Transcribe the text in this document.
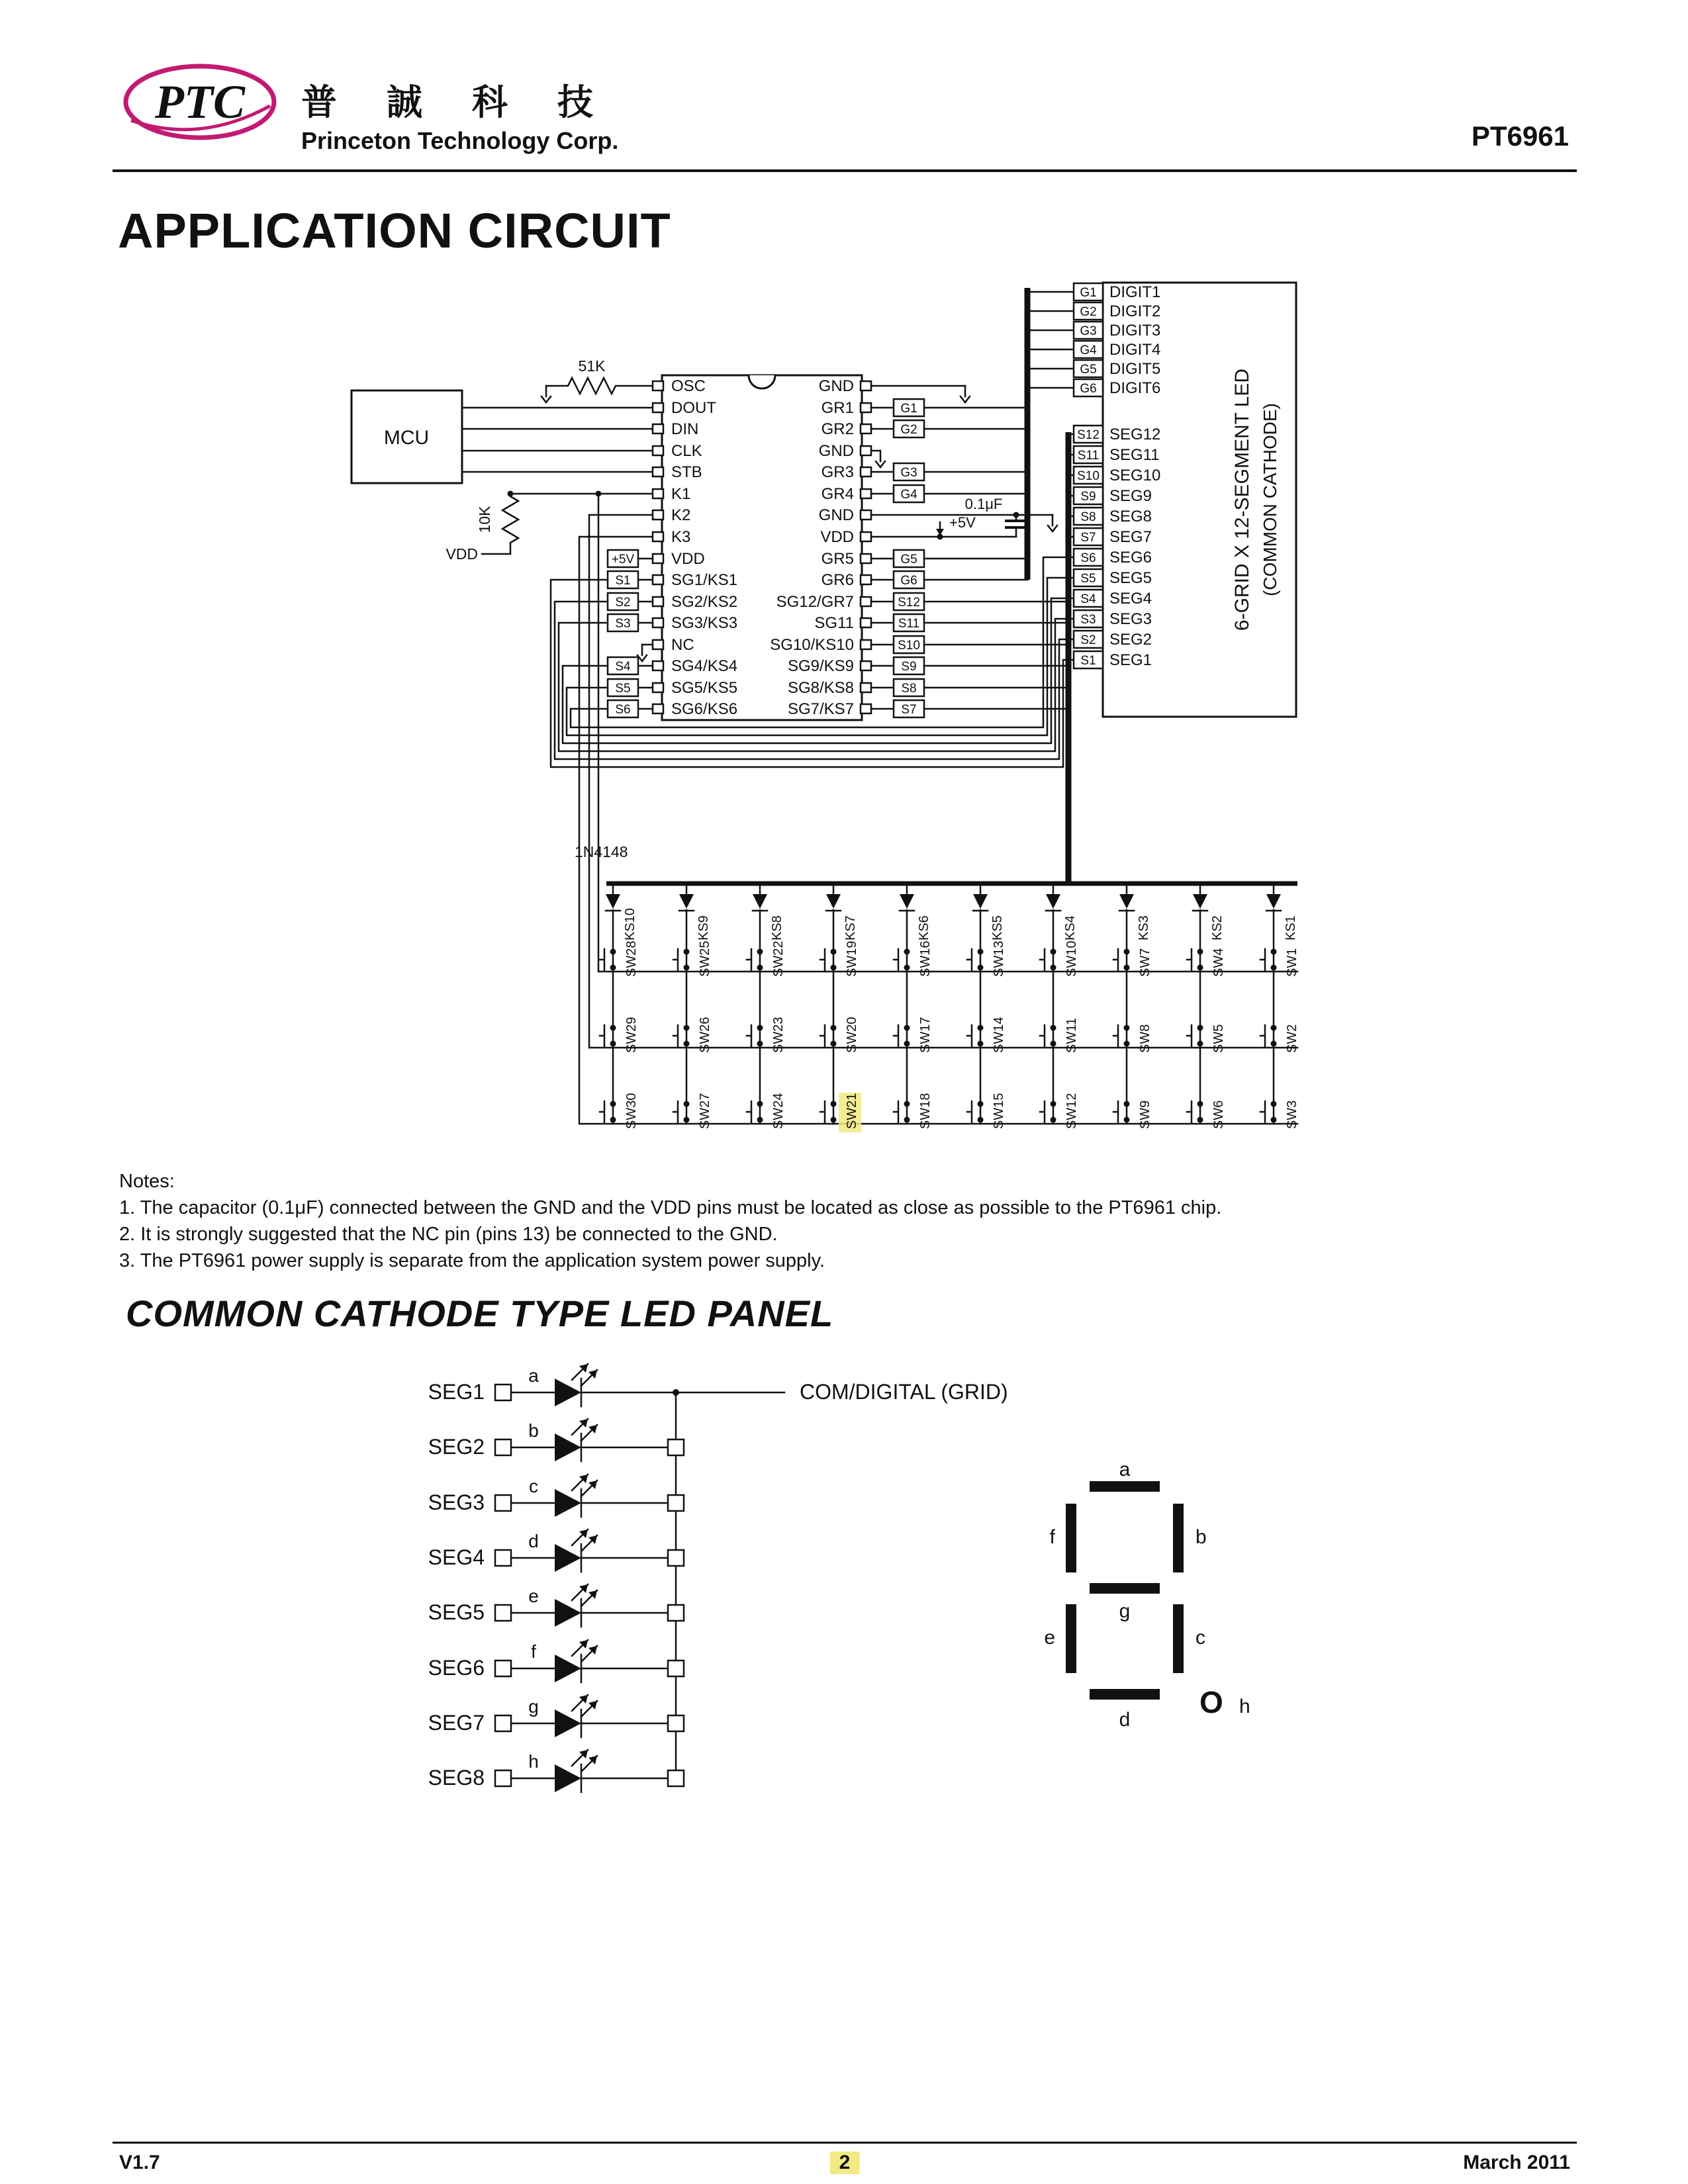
PTC 普 誠 科 技
Princeton Technology Corp.	PT6961
APPLICATION CIRCUIT
MCU
51K
10K
VDD
OSC
DOUT
DIN
CLK
STB
K1
K2
K3
VDD
SG1/KS1
SG2/KS2
SG3/KS3
NC
SG4/KS4
SG5/KS5
SG6/KS6
GND
GR1
GR2
GND
GR3
GR4
GND
VDD
GR5
GR6
SG12/GR7
SG11
SG10/KS10
SG9/KS9
SG8/KS8
SG7/KS7
0.1μF
+5V
G1
G2
G3
G4
G5
G6
S12
S11
S10
S9
S8
S7
+5V
S1
S2
S3
S4
S5
S6
G1
G2
G3
G4
G5
G6
S12
S11
S10
S9
S8
S7
S6
S5
S4
S3
S2
S1
DIGIT1
DIGIT2
DIGIT3
DIGIT4
DIGIT5
DIGIT6
SEG12
SEG11
SEG10
SEG9
SEG8
SEG7
SEG6
SEG5
SEG4
SEG3
SEG2
SEG1
6-GRID X 12-SEGMENT LED (COMMON CATHODE)
1N4148
KS10	KS9	KS8	KS7	KS6	KS5	KS4	KS3	KS2	KS1
SW28	SW25	SW22	SW19	SW16	SW13	SW10	SW7	SW4	SW1
SW29	SW26	SW23	SW20	SW17	SW14	SW11	SW8	SW5	SW2
SW30	SW27	SW24	SW21	SW18	SW15	SW12	SW9	SW6	SW3
Notes:
1. The capacitor (0.1μF) connected between the GND and the VDD pins must be located as close as possible to the PT6961 chip.
2. It is strongly suggested that the NC pin (pins 13) be connected to the GND.
3. The PT6961 power supply is separate from the application system power supply.
COMMON CATHODE TYPE LED PANEL
SEG1
SEG2
SEG3
SEG4
SEG5
SEG6
SEG7
SEG8
a
b
c
d
e
f
g
h
COM/DIGITAL (GRID)
a
b
c
d
e
f
g
O h
V1.7	2	March 2011
